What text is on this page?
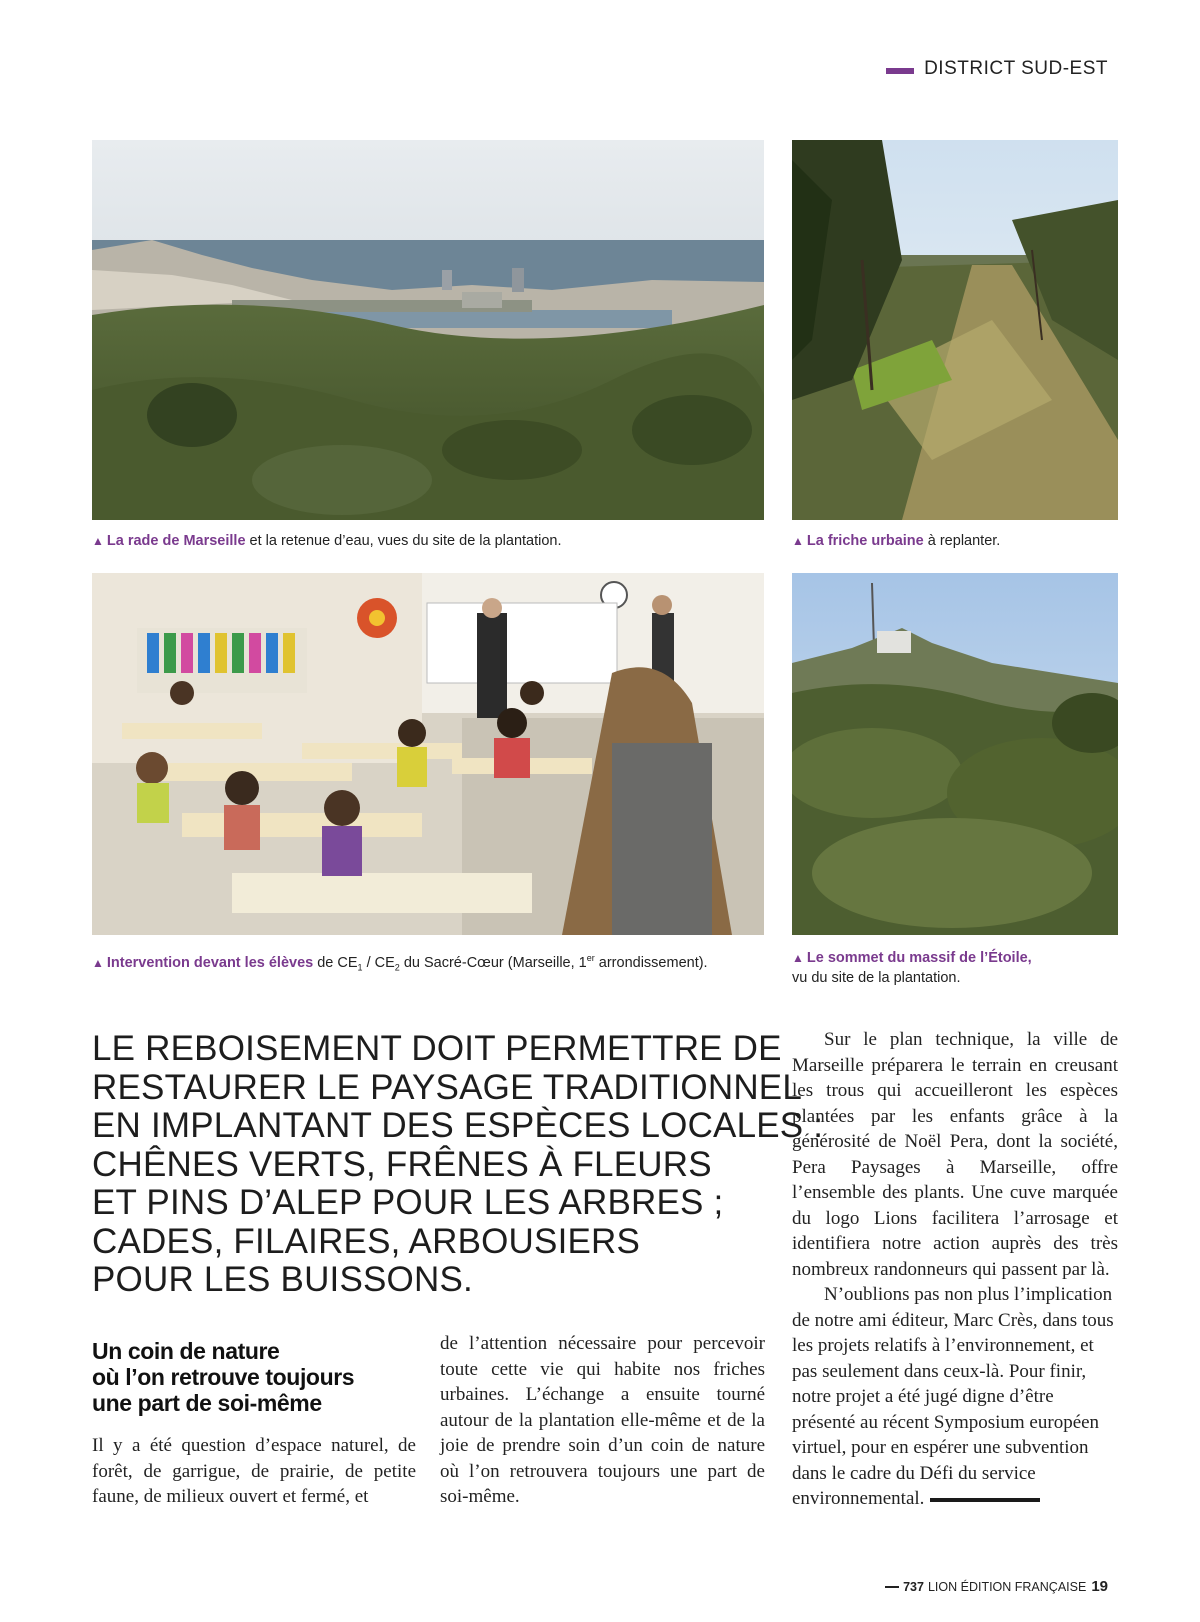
DISTRICT SUD-EST
▲ La rade de Marseille et la retenue d’eau, vues du site de la plantation.	▲ La friche urbaine à replanter.
▲ Intervention devant les élèves de $CE_1 / CE_2$ du Sacré-Cœur (Marseille, 1er arrondissement).	▲ Le sommet du massif de l’Étoile,
vu du site de la plantation.
LE REBOISEMENT DOIT PERMETTRE DE
RESTAURER LE PAYSAGE TRADITIONNEL
EN IMPLANTANT DES ESPÈCES LOCALES :
CHÊNES VERTS, FRÊNES À FLEURS
ET PINS D’ALEP POUR LES ARBRES ;
CADES, FILAIRES, ARBOUSIERS
POUR LES BUISSONS.
Un coin de nature
où l’on retrouve toujours
une part de soi-même
Il y a été question d’espace naturel, de forêt, de garrigue, de prairie, de petite faune, de milieux ouvert et fermé, et
de l’attention nécessaire pour percevoir toute cette vie qui habite nos friches urbaines. L’échange a ensuite tourné autour de la plantation elle-même et de la joie de prendre soin d’un coin de nature où l’on retrouvera toujours une part de soi-même.
Sur le plan technique, la ville de Marseille préparera le terrain en creusant les trous qui accueilleront les espèces plantées par les enfants grâce à la générosité de Noël Pera, dont la société, Pera Paysages à Marseille, offre l’ensemble des plants. Une cuve marquée du logo Lions facilitera l’arrosage et identifiera notre action auprès des très nombreux randonneurs qui passent par là.
N’oublions pas non plus l’implication de notre ami éditeur, Marc Crès, dans tous les projets relatifs à l’environnement, et pas seulement dans ceux-là. Pour finir, notre projet a été jugé digne d’être présenté au récent Symposium européen virtuel, pour en espérer une subvention dans le cadre du Défi du service environnemental.
737 LION ÉDITION FRANÇAISE 19
